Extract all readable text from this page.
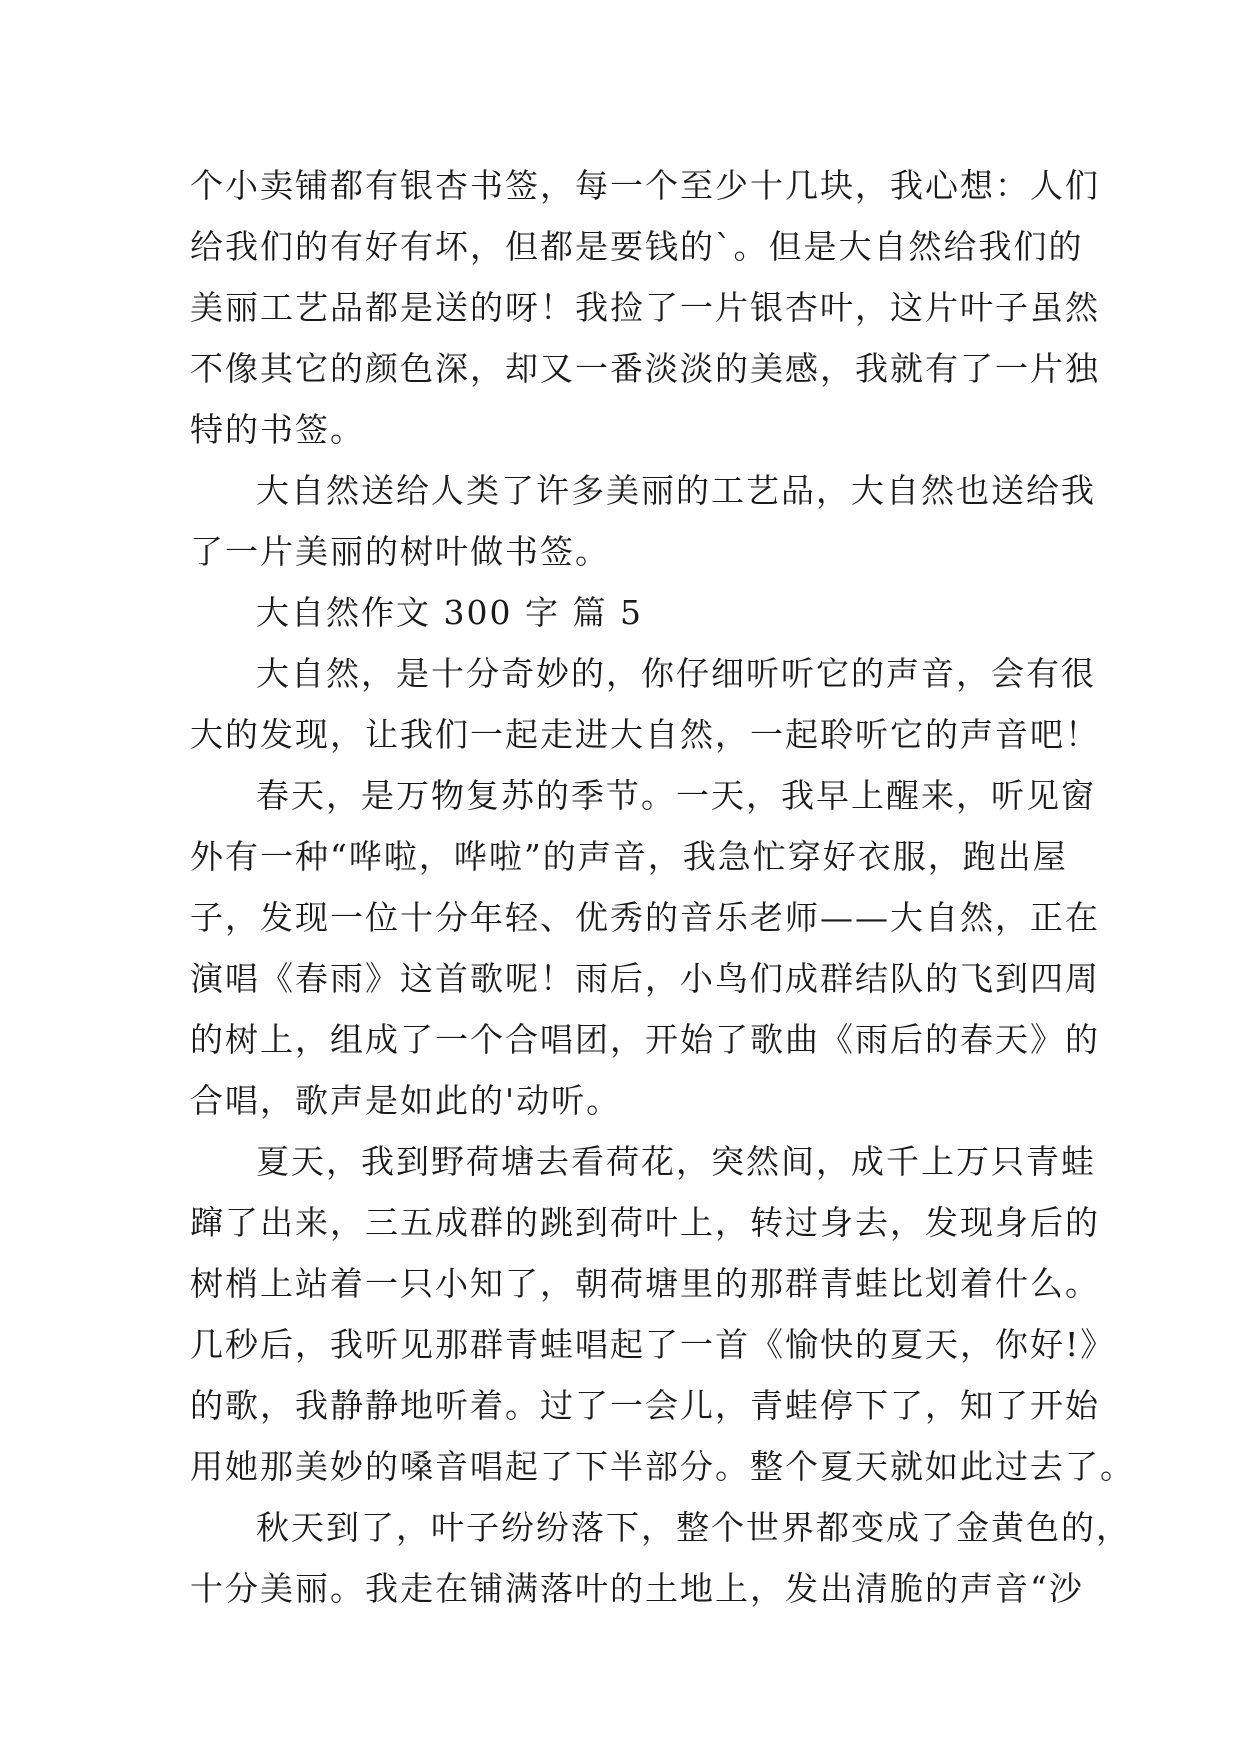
个小卖铺都有银杏书签，每一个至少十几块，我心想：人们
给我们的有好有坏，但都是要钱的`。但是大自然给我们的
美丽工艺品都是送的呀！我捡了一片银杏叶，这片叶子虽然
不像其它的颜色深，却又一番淡淡的美感，我就有了一片独
特的书签。
大自然送给人类了许多美丽的工艺品，大自然也送给我
了一片美丽的树叶做书签。
大自然作文 300 字 篇 5
大自然，是十分奇妙的，你仔细听听它的声音，会有很
大的发现，让我们一起走进大自然，一起聆听它的声音吧！
春天，是万物复苏的季节。一天，我早上醒来，听见窗
外有一种“哗啦，哗啦”的声音，我急忙穿好衣服，跑出屋
子，发现一位十分年轻、优秀的音乐老师——大自然，正在
演唱《春雨》这首歌呢！雨后，小鸟们成群结队的飞到四周
的树上，组成了一个合唱团，开始了歌曲《雨后的春天》的
合唱，歌声是如此的'动听。
夏天，我到野荷塘去看荷花，突然间，成千上万只青蛙
蹿了出来，三五成群的跳到荷叶上，转过身去，发现身后的
树梢上站着一只小知了，朝荷塘里的那群青蛙比划着什么。
几秒后，我听见那群青蛙唱起了一首《愉快的夏天，你好!》
的歌，我静静地听着。过了一会儿，青蛙停下了，知了开始
用她那美妙的嗓音唱起了下半部分。整个夏天就如此过去了。
秋天到了，叶子纷纷落下，整个世界都变成了金黄色的，
十分美丽。我走在铺满落叶的土地上，发出清脆的声音“沙
